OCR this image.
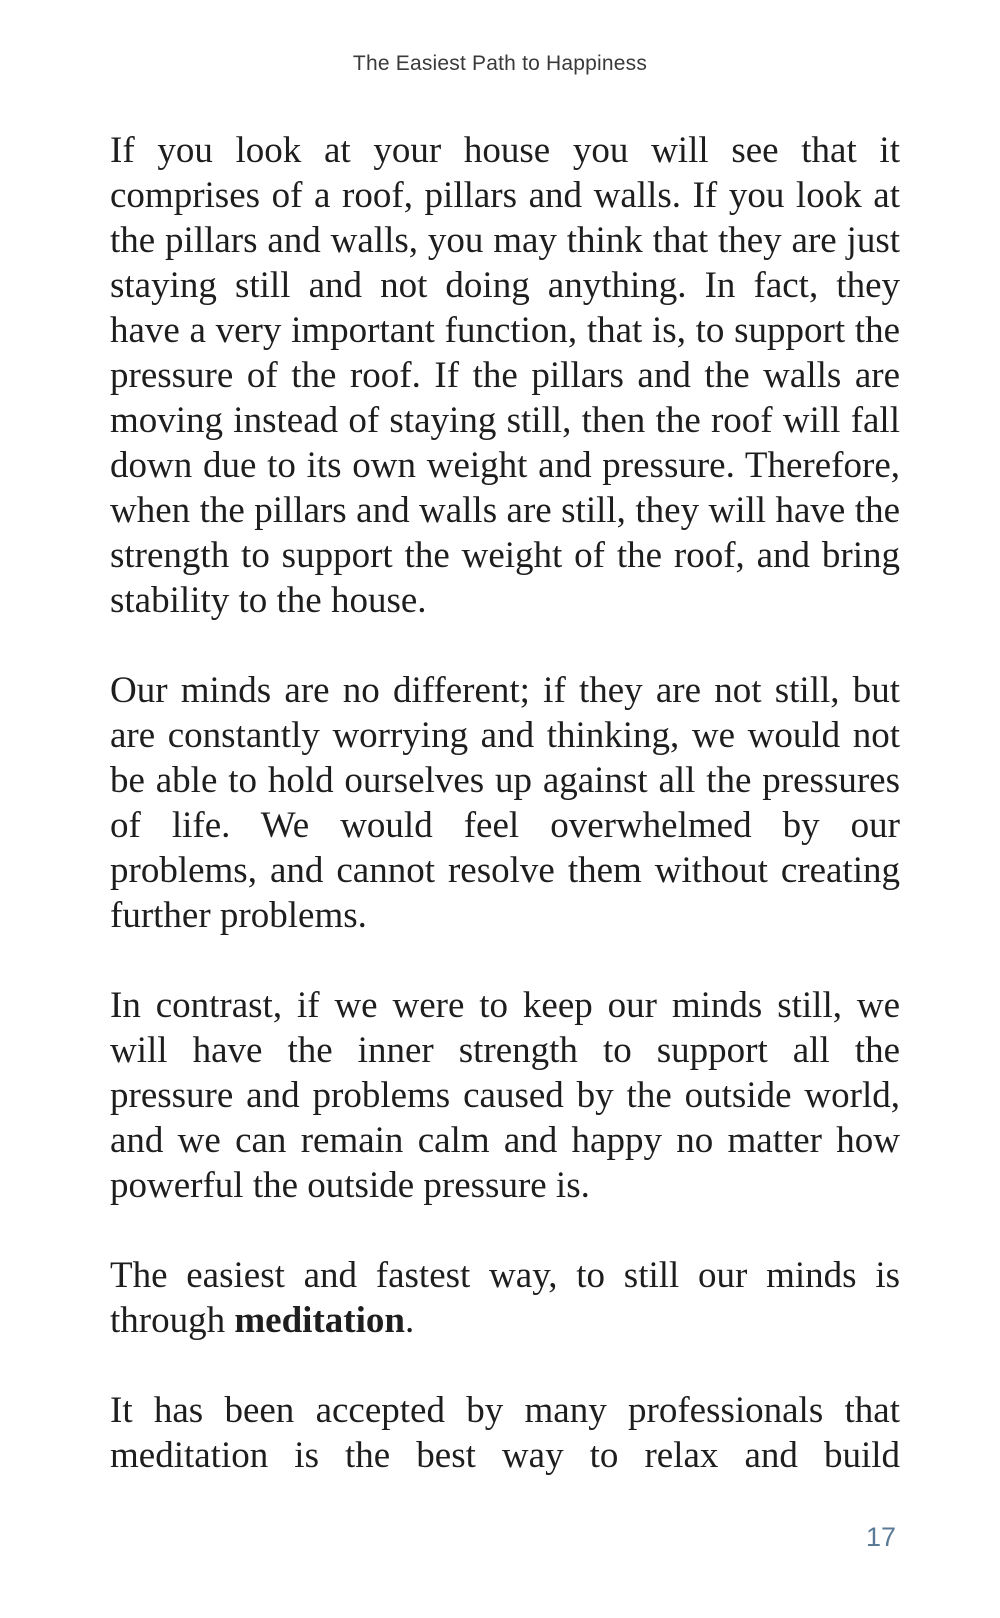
The Easiest Path to Happiness

If you look at your house you will see that it comprises of a roof, pillars and walls. If you look at the pillars and walls, you may think that they are just staying still and not doing anything. In fact, they have a very important function, that is, to support the pressure of the roof. If the pillars and the walls are moving instead of staying still, then the roof will fall down due to its own weight and pressure. Therefore, when the pillars and walls are still, they will have the strength to support the weight of the roof, and bring stability to the house.

Our minds are no different; if they are not still, but are constantly worrying and thinking, we would not be able to hold ourselves up against all the pressures of life. We would feel overwhelmed by our problems, and cannot resolve them without creating further problems.

In contrast, if we were to keep our minds still, we will have the inner strength to support all the pressure and problems caused by the outside world, and we can remain calm and happy no matter how powerful the outside pressure is.

The easiest and fastest way, to still our minds is through meditation.

It has been accepted by many professionals that meditation is the best way to relax and build

17
